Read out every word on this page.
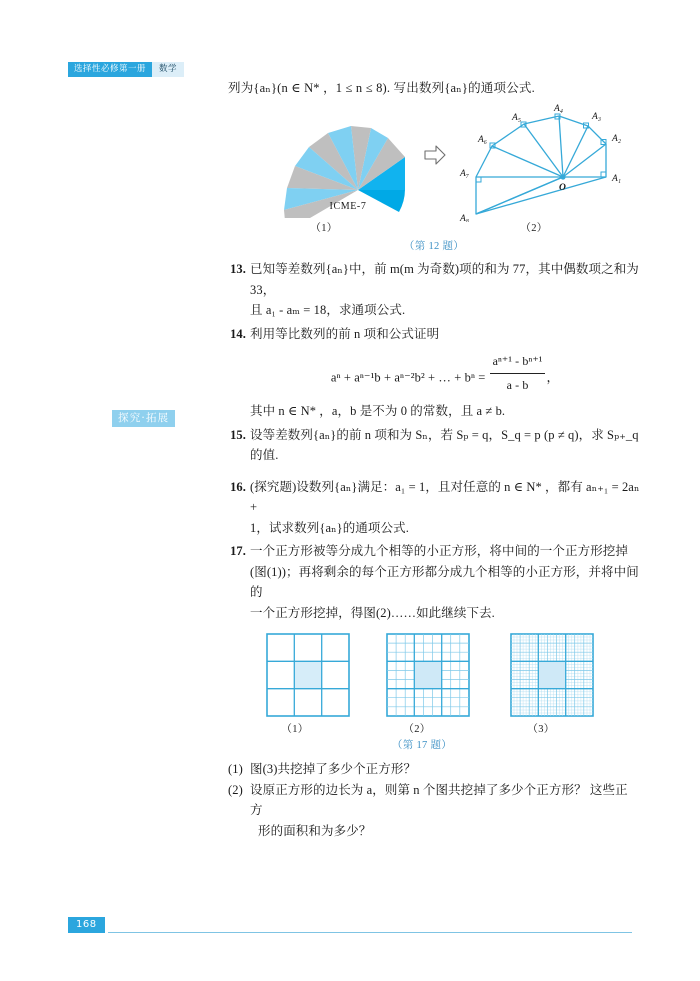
选择性必修第一册	数学
列为{aₙ}(n ∈ N* ，1 ≤ n ≤ 8). 写出数列{aₙ}的通项公式.
ICME-7
A₁
A₂
A₃
A₄
A₅
A₆
A₇
A₈
O
（1）	（2）
（第 12 题）
13. 已知等差数列{aₙ}中，前 m(m 为奇数)项的和为 77，其中偶数项之和为 33，

且 a₁ - aₘ = 18，求通项公式.

14. 利用等比数列的前 n 项和公式证明

aⁿ + aⁿ⁻¹b + aⁿ⁻²b² + … + $b^n = \frac{\text{aⁿ⁺¹ - bⁿ⁺¹}}{a - b}$ ，

其中 n ∈ N* ，a，b 是不为 0 的常数，且 a ≠ b.

15. 设等差数列{aₙ}的前 n 项和为 Sₙ，若 Sₚ = q，S_q = p (p ≠ q)，求 Sₚ₊_q 的值.

16. (探究题)设数列{aₙ}满足：a₁ = 1，且对任意的 n ∈ N* ，都有 aₙ₊₁ = 2aₙ +

1，试求数列{aₙ}的通项公式.

17. 一个正方形被等分成九个相等的小正方形，将中间的一个正方形挖掉

(图(1))；再将剩余的每个正方形都分成九个相等的小正方形，并将中间的

一个正方形挖掉，得图(2)……如此继续下去.

（1）	（2）	（3）
（第 17 题）
(1) 图(3)共挖掉了多少个正方形？
(2) 设原正方形的边长为 a，则第 n 个图共挖掉了多少个正方形？ 这些正方
形的面积和为多少？
探究·拓展
168
